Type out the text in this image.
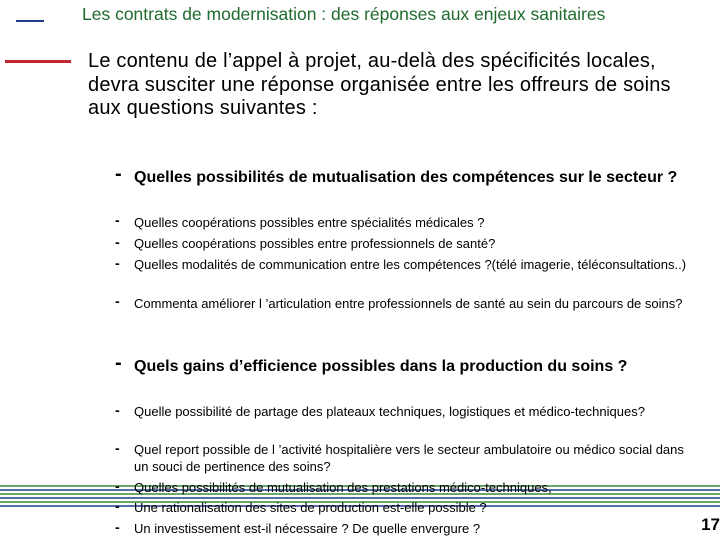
Les contrats de modernisation : des réponses aux enjeux sanitaires
Le contenu de l’appel à projet, au-delà des spécificités locales, devra susciter une réponse organisée entre les offreurs de soins aux questions suivantes :
- Quelles possibilités de mutualisation des compétences sur le secteur ?
- Quelles coopérations possibles entre spécialités médicales ?
- Quelles coopérations possibles entre professionnels de santé?
- Quelles modalités de communication entre les compétences ?(télé imagerie, téléconsultations..)
- Commenta améliorer l ’articulation entre professionnels de santé au sein du parcours de soins?
- Quels gains d’efficience possibles dans la production du soins ?
- Quelle possibilité de partage des plateaux techniques, logistiques et médico-techniques?
- Quel report possible de l ’activité hospitalière vers le secteur ambulatoire ou médico social dans un souci de pertinence des soins?
- Quelles possibilités de mutualisation des prestations médico-techniques,
- Une rationalisation des sites de production est-elle possible ?
- Un investissement est-il nécessaire ? De quelle envergure ?	17
